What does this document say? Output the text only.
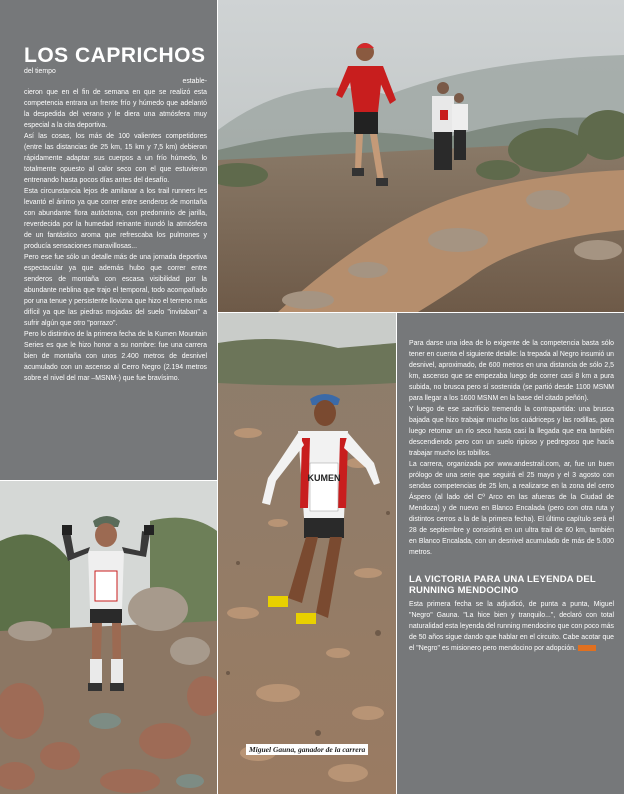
LOS CAPRICHOS del tiempo
estable-
cieron que en el fin de semana en que se realizó esta competencia entrara un frente frío y húmedo que adelantó la despedida del verano y le diera una atmósfera muy especial a la cita deportiva.

Así las cosas, los más de 100 valientes competidores (entre las distancias de 25 km, 15 km y 7,5 km) debieron rápidamente adaptar sus cuerpos a un frío húmedo, lo totalmente opuesto al calor seco con el que estuvieron entrenando hasta pocos días antes del desafío.

Esta circunstancia lejos de amilanar a los trail runners les levantó el ánimo ya que correr entre senderos de montaña con abundante flora autóctona, con predominio de jarilla, reverdecida por la humedad reinante inundó la atmósfera de un fantástico aroma que refrescaba los pulmones y producía sensaciones maravillosas...

Pero ese fue sólo un detalle más de una jornada deportiva espectacular ya que además hubo que correr entre senderos de montaña con escasa visibilidad por la abundante neblina que trajo el temporal, todo acompañado por una tenue y persistente llovizna que hizo el terreno más difícil ya que las piedras mojadas del suelo "invitaban" a sufrir algún que otro "porrazo".

Pero lo distintivo de la primera fecha de la Kumen Mountain Series es que le hizo honor a su nombre: fue una carrera bien de montaña con unos 2.400 metros de desnivel acumulado con un ascenso al Cerro Negro (2.194 metros sobre el nivel del mar –MSNM-) que fue bravísimo.

KUMEN
Miguel Gauna, ganador de la carrera

Para darse una idea de lo exigente de la competencia basta sólo tener en cuenta el siguiente detalle: la trepada al Negro insumió un desnivel, aproximado, de 600 metros en una distancia de sólo 2,5 km, ascenso que se empezaba luego de correr casi 8 km a pura subida, no brusca pero sí sostenida (se partió desde 1100 MSNM para llegar a los 1600 MSNM en la base del citado peñón).

Y luego de ese sacrificio tremendo la contrapartida: una brusca bajada que hizo trabajar mucho los cuádriceps y las rodillas, para luego retomar un río seco hasta casi la llegada que era también descendiendo pero con un suelo ripioso y pedregoso que hacía trabajar mucho los tobillos.

La carrera, organizada por www.andestrail.com, ar, fue un buen prólogo de una serie que seguirá el 25 mayo y el 3 agosto con sendas competencias de 25 km, a realizarse en la zona del cerro Áspero (al lado del Cº Arco en las afueras de la Ciudad de Mendoza) y de nuevo en Blanco Encalada (pero con otra ruta y distintos cerros a la de la primera fecha). El último capítulo será el 28 de septiembre y consistirá en un ultra trail de 60 km, también en Blanco Encalada, con un desnivel acumulado de más de 5.000 metros.

LA VICTORIA PARA UNA LEYENDA DEL RUNNING MENDOCINO

Esta primera fecha se la adjudicó, de punta a punta, Miguel "Negro" Gauna. "La hice bien y tranquilo...", declaró con total naturalidad esta leyenda del running mendocino que con poco más de 50 años sigue dando que hablar en el circuito. Cabe acotar que el "Negro" es misionero pero mendocino por adopción.
